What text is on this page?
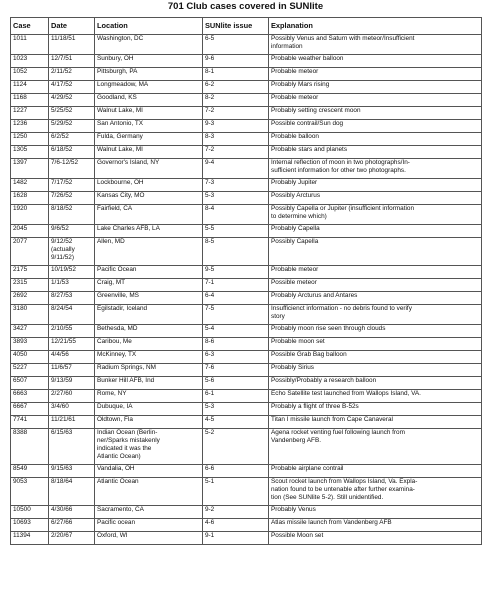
701 Club cases covered in SUNlite
Case	Date	Location	SUNlite issue	Explanation
1011	11/18/51	Washington, DC	6-5	Possibly Venus and Saturn with meteor/Insufficient
information
1023	12/7/51	Sunbury, OH	9-6	Probable weather balloon
1052	2/11/52	Pittsburgh, PA	8-1	Probable meteor
1124	4/17/52	Longmeadow, MA	6-2	Probably Mars rising
1168	4/29/52	Goodland, KS	8-2	Probable meteor
1227	5/25/52	Walnut Lake, MI	7-2	Probably setting crescent moon
1236	5/29/52	San Antonio, TX	9-3	Possible contrail/Sun dog
1250	6/2/52	Fulda, Germany	8-3	Probable balloon
1305	6/18/52	Walnut Lake, MI	7-2	Probable stars and planets
1397	7/6-12/52	Governor's Island, NY	9-4	Internal reflection of moon in two photographs/In-
sufficient information for other two photographs.
1482	7/17/52	Lockbourne, OH	7-3	Probably Jupiter
1628	7/26/52	Kansas City, MO	5-3	Possibly Arcturus
1920	8/18/52	Fairfield, CA	8-4	Possibly Capella or Jupiter (insufficient information
to determine which)
2045	9/6/52	Lake Charles AFB, LA	5-5	Probably Capella
2077	9/12/52
(actually
9/11/52)	Allen, MD	8-5	Possibly Capella
2175	10/19/52	Pacific Ocean	9-5	Probable meteor
2315	1/1/53	Craig, MT	7-1	Possible meteor
2692	8/27/53	Greenville, MS	6-4	Probably Arcturus and Antares
3180	8/24/54	Egilstadir, Iceland	7-5	Insufficienct information - no debris found to verify
story
3427	2/10/55	Bethesda, MD	5-4	Probably moon rise seen through clouds
3893	12/21/55	Caribou, Me	8-6	Probable moon set
4050	4/4/56	McKinney, TX	6-3	Possible Grab Bag balloon
5227	11/6/57	Radium Springs, NM	7-6	Probably Sirius
6507	9/13/59	Bunker Hill AFB, Ind	5-6	Possibly/Probably a research balloon
6663	2/27/60	Rome, NY	6-1	Echo Satellite test launched from Wallops Island, VA.
6667	3/4/60	Dubuque, IA	5-3	Probably a flight of three B-52s
7741	11/21/61	Oldtown, Fla	4-5	Titan I missile launch from Cape Canaveral
8388	6/15/63	Indian Ocean (Berlin-
ner/Sparks mistakenly
indicated it was the
Atlantic Ocean)	5-2	Agena rocket venting fuel following launch from
Vandenberg AFB.
8549	9/15/63	Vandalia, OH	6-6	Probable airplane contrail
9053	8/18/64	Atlantic Ocean	5-1	Scout rocket launch from Wallops Island, Va. Expla-
nation found to be untenable after further examina-
tion (See SUNlite 5-2). Still unidentified.
10500	4/30/66	Sacramento, CA	9-2	Probably Venus
10693	6/27/66	Pacific ocean	4-6	Atlas missile launch from Vandenberg AFB
11394	2/20/67	Oxford, WI	9-1	Possible Moon set
